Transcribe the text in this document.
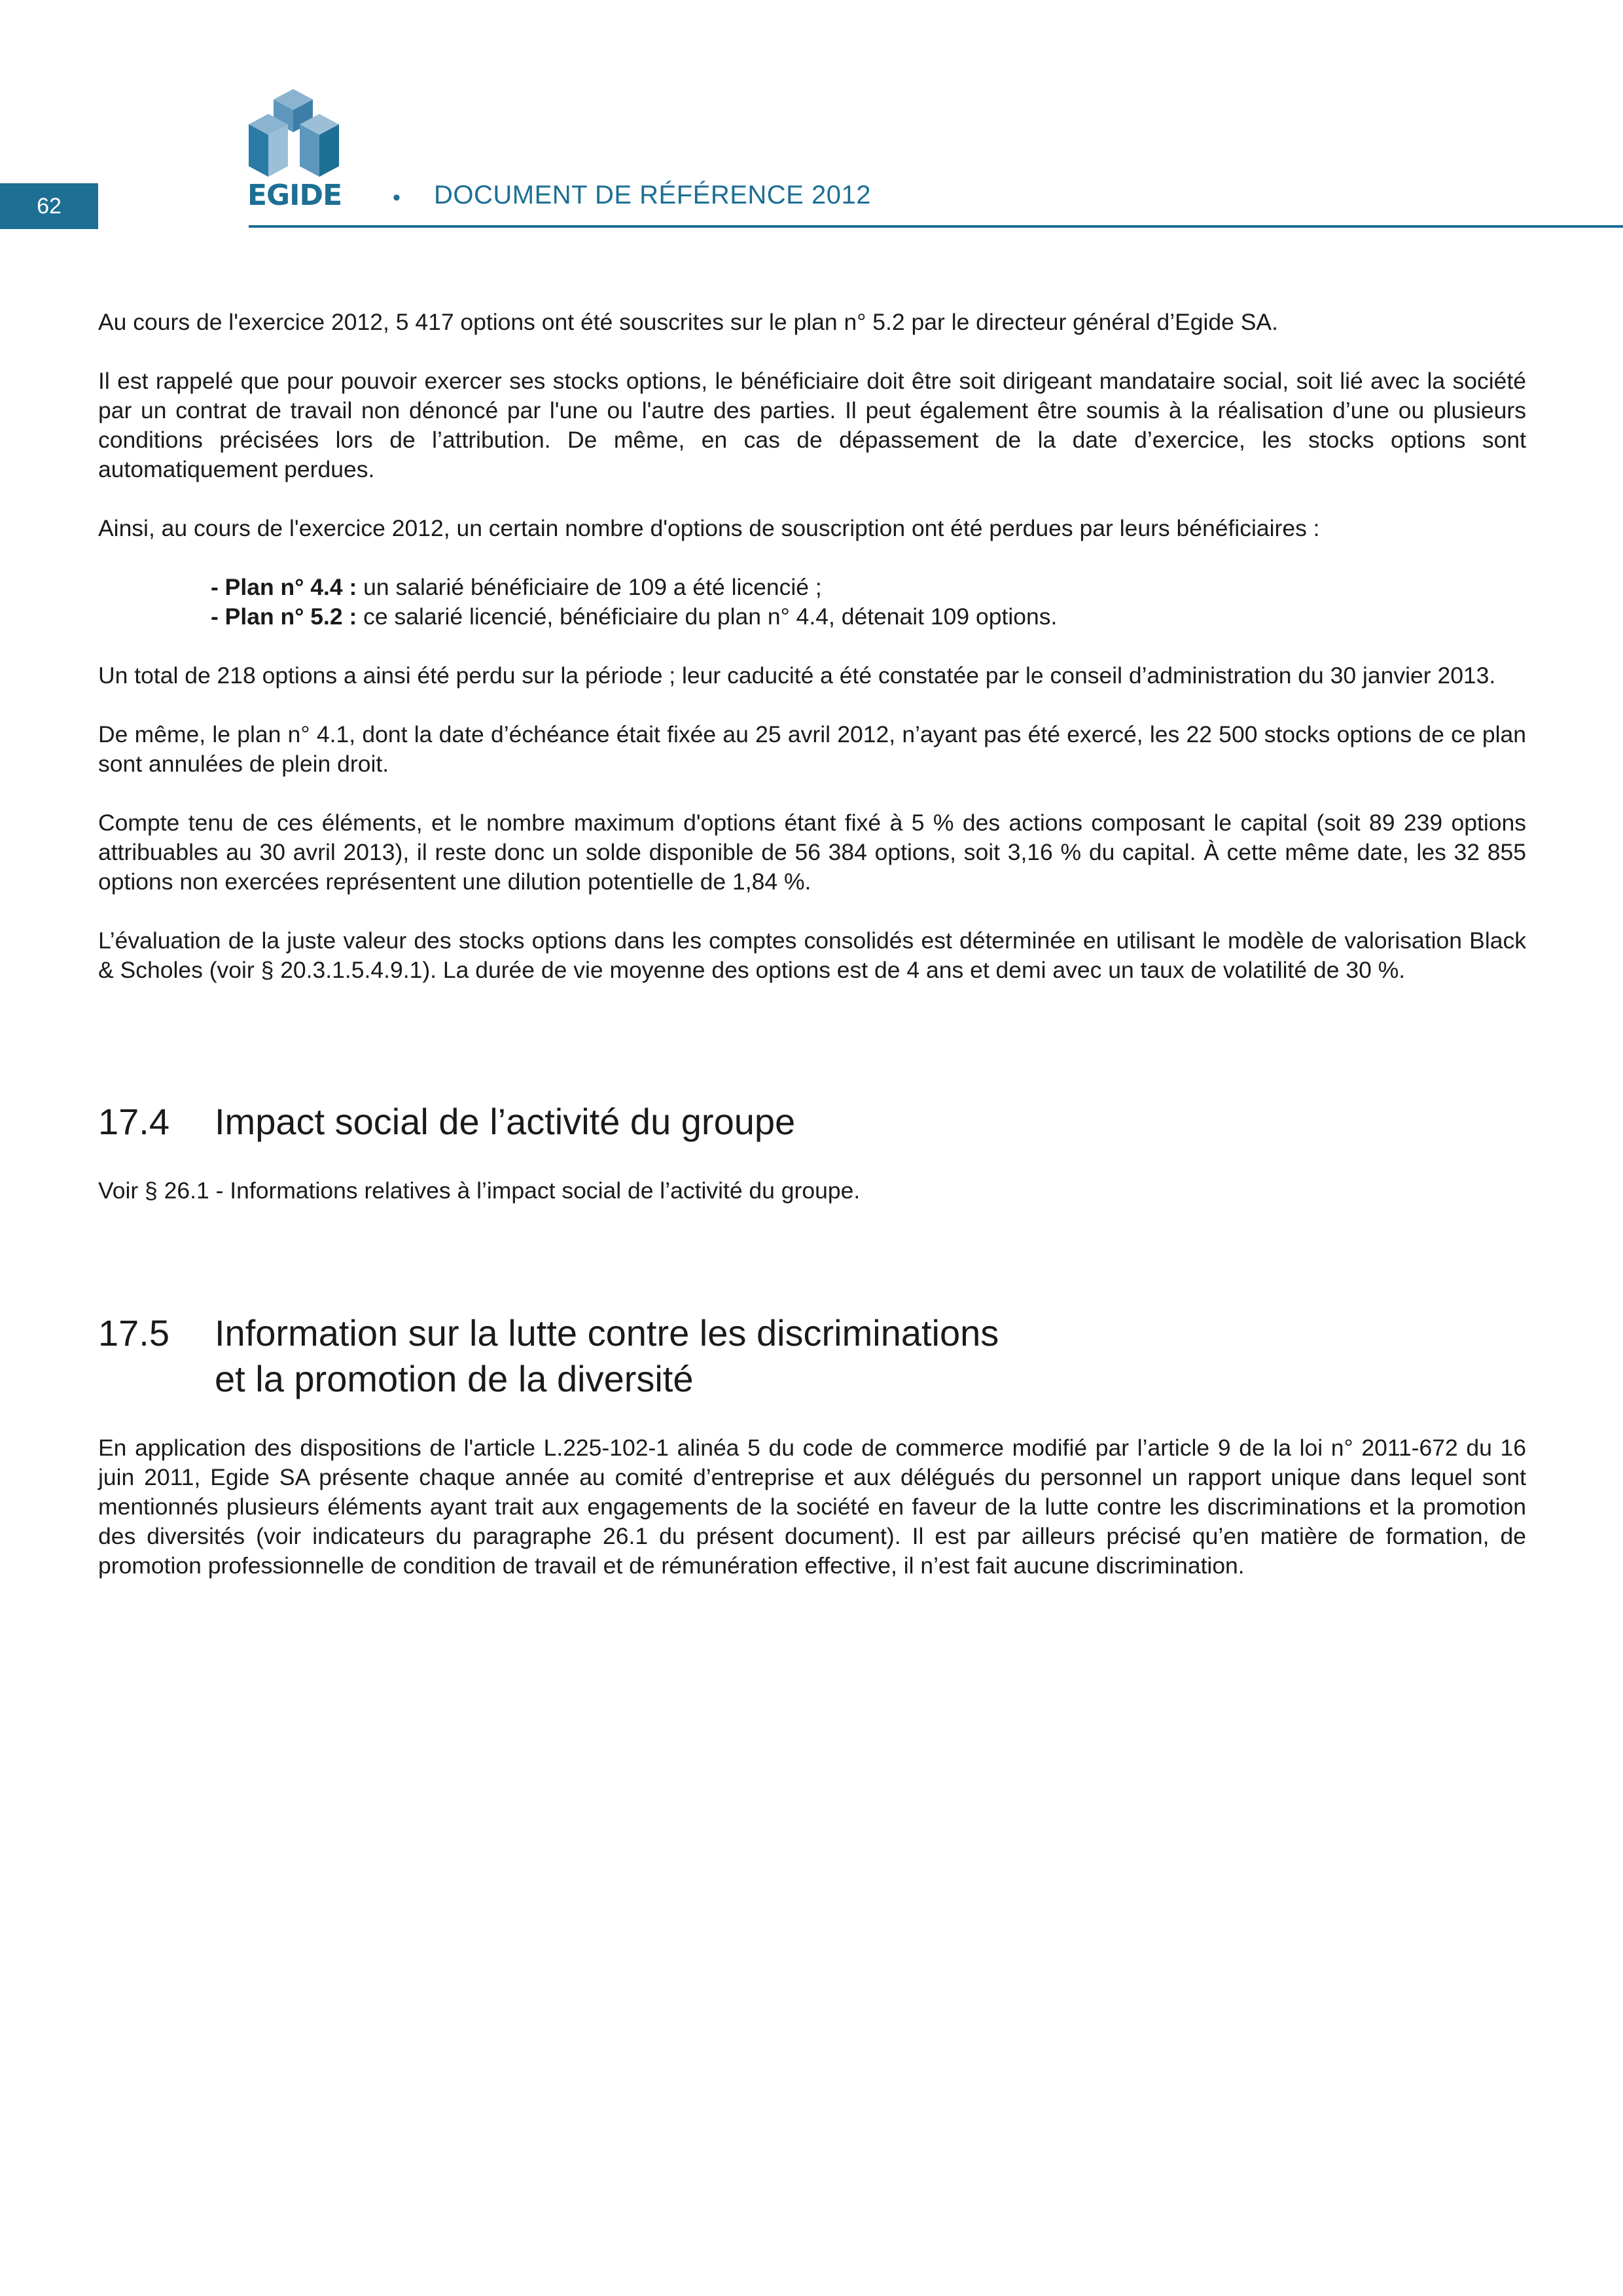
62	EGIDE • DOCUMENT DE RÉFÉRENCE 2012

Au cours de l'exercice 2012, 5 417 options ont été souscrites sur le plan n° 5.2 par le directeur général d’Egide SA.

Il est rappelé que pour pouvoir exercer ses stocks options, le bénéficiaire doit être soit dirigeant mandataire social, soit lié avec la société par un contrat de travail non dénoncé par l'une ou l'autre des parties. Il peut également être soumis à la réalisation d’une ou plusieurs conditions précisées lors de l’attribution. De même, en cas de dépassement de la date d’exercice, les stocks options sont automatiquement perdues.

Ainsi, au cours de l'exercice 2012, un certain nombre d'options de souscription ont été perdues par leurs bénéficiaires :

- Plan n° 4.4 : un salarié bénéficiaire de 109 a été licencié ;
- Plan n° 5.2 : ce salarié licencié, bénéficiaire du plan n° 4.4, détenait 109 options.

Un total de 218 options a ainsi été perdu sur la période ; leur caducité a été constatée par le conseil d’administration du 30 janvier 2013.

De même, le plan n° 4.1, dont la date d’échéance était fixée au 25 avril 2012, n’ayant pas été exercé, les 22 500 stocks options de ce plan sont annulées de plein droit.

Compte tenu de ces éléments, et le nombre maximum d'options étant fixé à 5 % des actions composant le capital (soit 89 239 options attribuables au 30 avril 2013), il reste donc un solde disponible de 56 384 options, soit 3,16 % du capital. À cette même date, les 32 855 options non exercées représentent une dilution potentielle de 1,84 %.

L’évaluation de la juste valeur des stocks options dans les comptes consolidés est déterminée en utilisant le modèle de valorisation Black & Scholes (voir § 20.3.1.5.4.9.1). La durée de vie moyenne des options est de 4 ans et demi avec un taux de volatilité de 30 %.

17.4	Impact social de l’activité du groupe

Voir § 26.1 - Informations relatives à l’impact social de l’activité du groupe.

17.5	Information sur la lutte contre les discriminations
et la promotion de la diversité

En application des dispositions de l'article L.225-102-1 alinéa 5 du code de commerce modifié par l’article 9 de la loi n° 2011-672 du 16 juin 2011, Egide SA présente chaque année au comité d’entreprise et aux délégués du personnel un rapport unique dans lequel sont mentionnés plusieurs éléments ayant trait aux engagements de la société en faveur de la lutte contre les discriminations et la promotion des diversités (voir indicateurs du paragraphe 26.1 du présent document). Il est par ailleurs précisé qu’en matière de formation, de promotion professionnelle de condition de travail et de rémunération effective, il n’est fait aucune discrimination.
